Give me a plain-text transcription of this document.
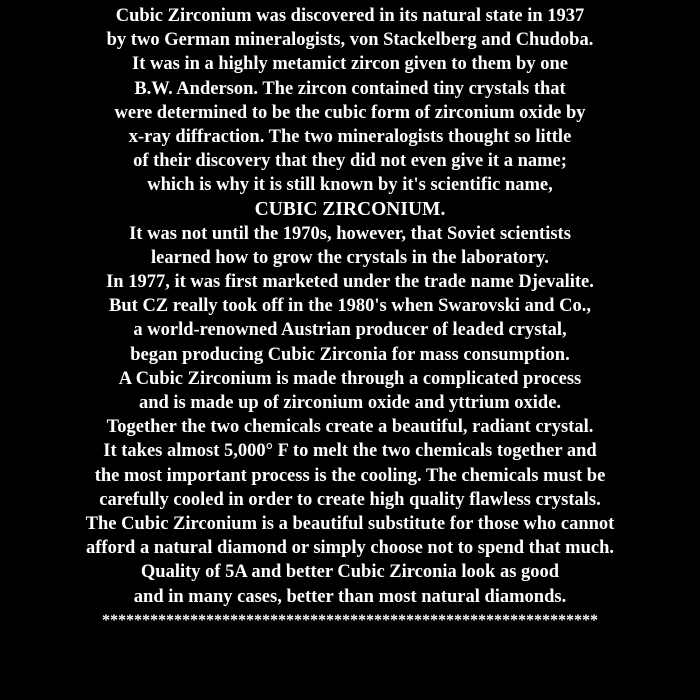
Cubic Zirconium was discovered in its natural state in 1937
by two German mineralogists, von Stackelberg and Chudoba.
It was in a highly metamict zircon given to them by one
B.W. Anderson. The zircon contained tiny crystals that
were determined to be the cubic form of zirconium oxide by
x-ray diffraction. The two mineralogists thought so little
of their discovery that they did not even give it a name;
which is why it is still known by it's scientific name,
CUBIC ZIRCONIUM.
It was not until the 1970s, however, that Soviet scientists
learned how to grow the crystals in the laboratory.
In 1977, it was first marketed under the trade name Djevalite.
But CZ really took off in the 1980's when Swarovski and Co.,
a world-renowned Austrian producer of leaded crystal,
began producing Cubic Zirconia for mass consumption.
A Cubic Zirconium is made through a complicated process
and is made up of zirconium oxide and yttrium oxide.
Together the two chemicals create a beautiful, radiant crystal.
It takes almost 5,000° F to melt the two chemicals together and
the most important process is the cooling. The chemicals must be
carefully cooled in order to create high quality flawless crystals.
The Cubic Zirconium is a beautiful substitute for those who cannot
afford a natural diamond or simply choose not to spend that much.
Quality of 5A and better Cubic Zirconia look as good
and in many cases, better than most natural diamonds.
**************************************************************
